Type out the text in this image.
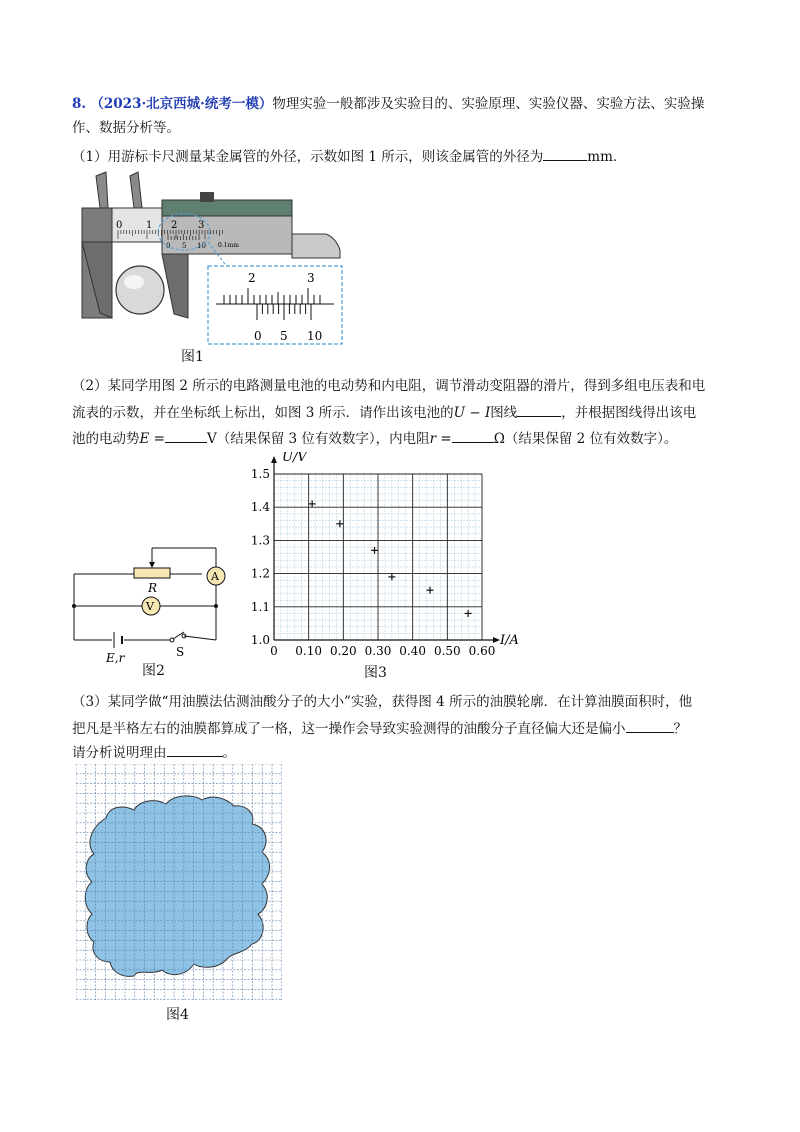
8. （2023·北京西城·统考一模）物理实验一般都涉及实验目的、实验原理、实验仪器、实验方法、实验操
作、数据分析等。
（1）用游标卡尺测量某金属管的外径，示数如图 1 所示，则该金属管的外径为	mm．
0 1 2 3
0 5 10 0.1mm
2	3
0 5 10
图1
（2）某同学用图 2 所示的电路测量电池的电动势和内电阻，调节滑动变阻器的滑片，得到多组电压表和电
流表的示数，并在坐标纸上标出，如图 3 所示．请作出该电池的U − I图线	，并根据图线得出该电
池的电动势E =	V（结果保留 3 位有效数字），内电阻r =	Ω（结果保留 2 位有效数字）。
R
A
V
E,r	S
图2
0 0.10 0.20 0.30 0.40 0.50 0.60
1.0
1.1
1.2
1.3
1.4
1.5
U/V
I/A
图3
（3）某同学做“用油膜法估测油酸分子的大小”实验，获得图 4 所示的油膜轮廓．在计算油膜面积时，他
把凡是半格左右的油膜都算成了一格，这一操作会导致实验测得的油酸分子直径偏大还是偏小	？
请分析说明理由	。
图4
